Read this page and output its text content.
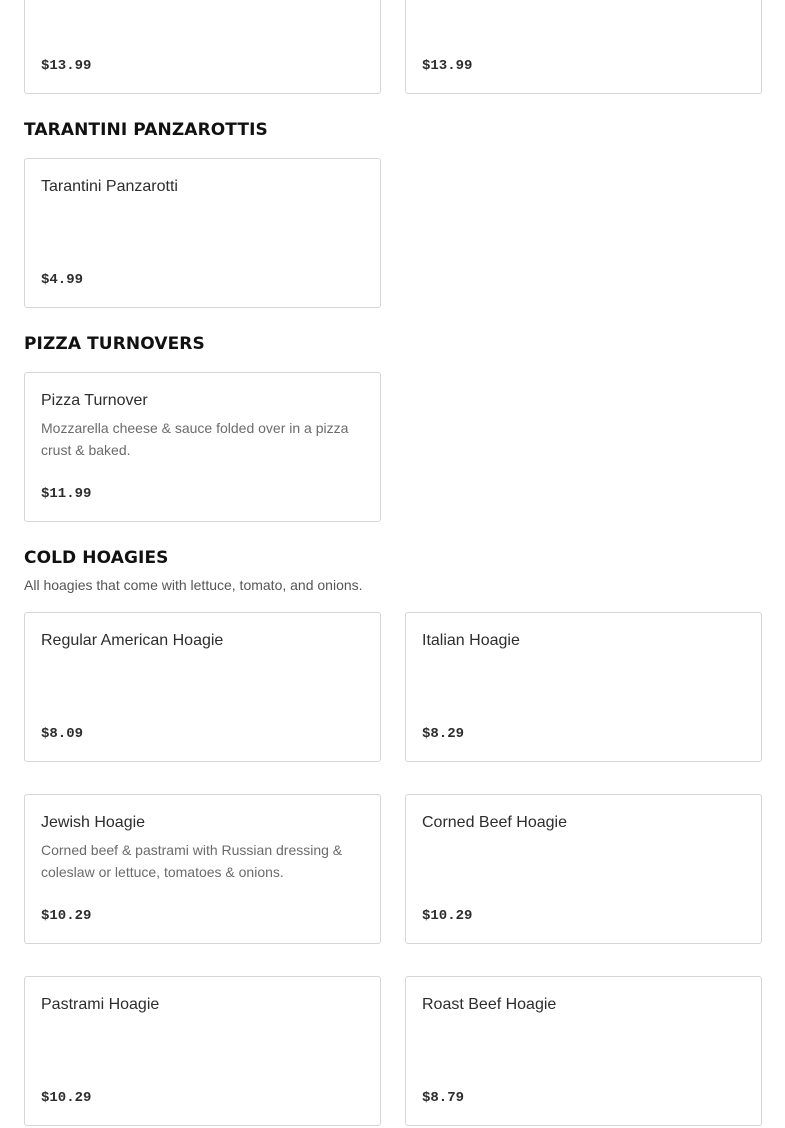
$13.99	$13.99
TARANTINI PANZAROTTIS
Tarantini Panzarotti
$4.99
PIZZA TURNOVERS
Pizza Turnover
Mozzarella cheese & sauce folded over in a pizza crust & baked.
$11.99
COLD HOAGIES
All hoagies that come with lettuce, tomato, and onions.
Regular American Hoagie
$8.09
Italian Hoagie
$8.29
Jewish Hoagie
Corned beef & pastrami with Russian dressing & coleslaw or lettuce, tomatoes & onions.
$10.29
Corned Beef Hoagie
$10.29
Pastrami Hoagie
$10.29
Roast Beef Hoagie
$8.79
